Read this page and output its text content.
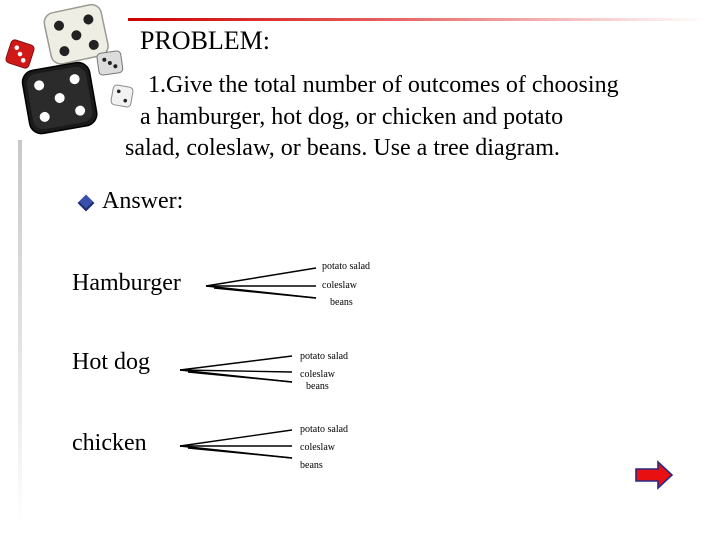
PROBLEM:
1.Give the total number of outcomes of choosing
a hamburger, hot dog, or chicken and potato
salad, coleslaw, or beans. Use a tree diagram.
Answer:
Hamburger
Hot dog
chicken
potato salad
coleslaw
beans
potato salad
coleslaw
beans
potato salad
coleslaw
beans
